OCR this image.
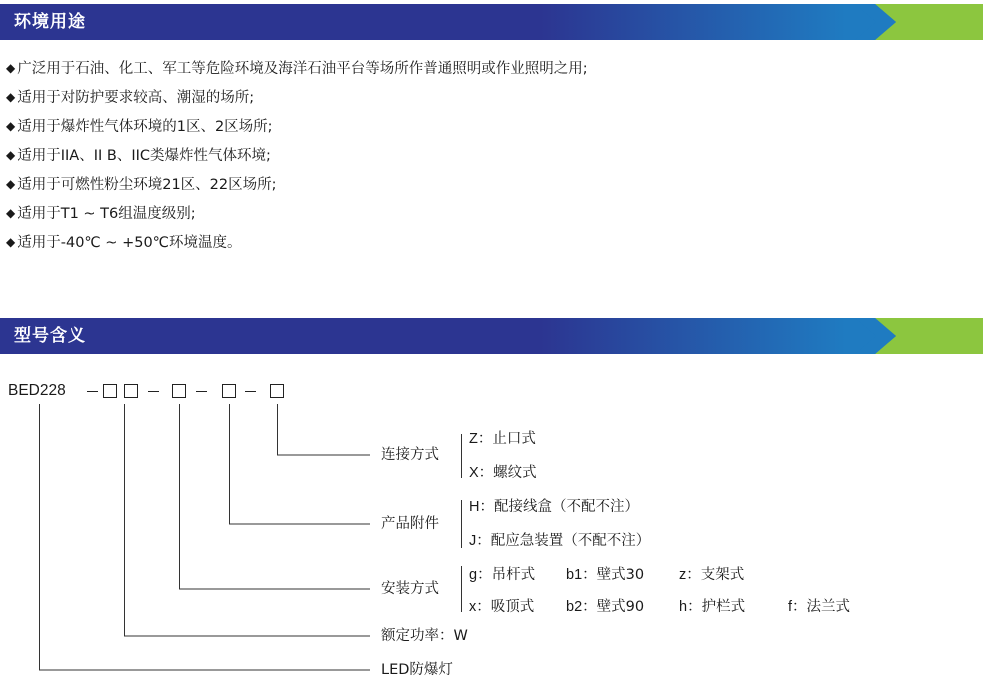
环境用途
◆ 广泛用于石油、化工、军工等危险环境及海洋石油平台等场所作普通照明或作业照明之用;
◆ 适用于对防护要求较高、潮湿的场所;
◆ 适用于爆炸性气体环境的1区、2区场所;
◆ 适用于IIA、II B、IIC类爆炸性气体环境;
◆ 适用于可燃性粉尘环境21区、22区场所;
◆ 适用于T1 ~ T6组温度级别;
◆ 适用于-40℃ ~ +50℃环境温度。
型号含义
BED228
连接方式
产品附件
安装方式
额定功率：W
LED防爆灯
Z：止口式
X：螺纹式
H：配接线盒（不配不注）
J：配应急装置（不配不注）
g：吊杆式 b1：壁式30 z：支架式
x：吸顶式 b2：壁式90 h：护栏式	f：法兰式
